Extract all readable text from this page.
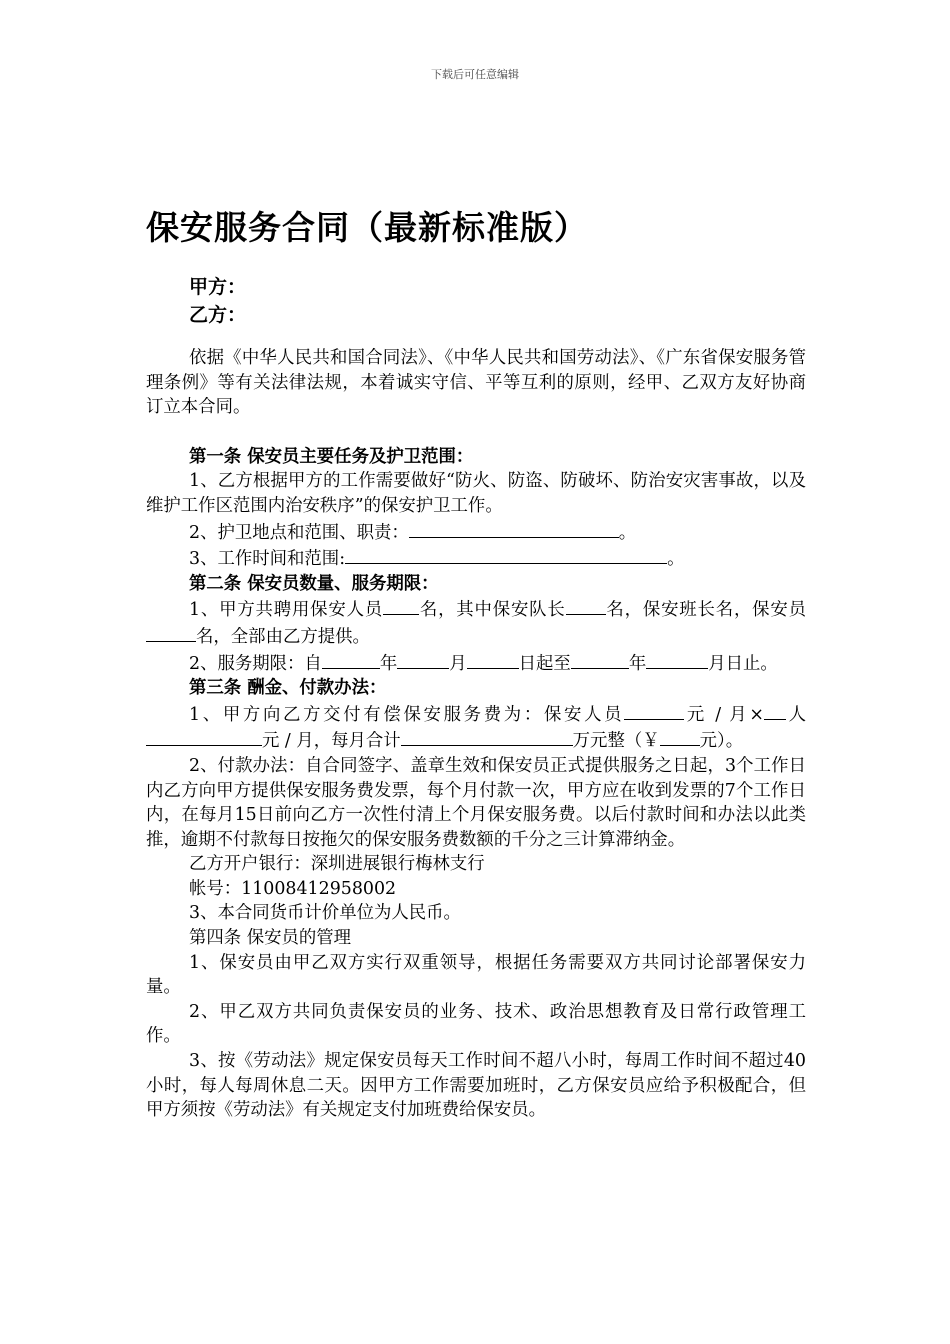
下载后可任意编辑
保安服务合同（最新标准版）
甲方：
乙方：

依据《中华人民共和国合同法》、《中华人民共和国劳动法》、《广东省保安服务管理条例》等有关法律法规，本着诚实守信、平等互利的原则，经甲、乙双方友好协商订立本合同。

第一条 保安员主要任务及护卫范围：

1、乙方根据甲方的工作需要做好“防火、防盗、防破坏、防治安灾害事故，以及维护工作区范围内治安秩序”的保安护卫工作。

2、护卫地点和范围、职责：	。

3、工作时间和范围:	。

第二条 保安员数量、服务期限：

1、甲方共聘用保安人员 名，其中保安队长 名，保安班长名，保安员名，全部由乙方提供。

2、服务期限：自	年	月	日起至	年	月日止。

第三条 酬金、付款办法：

1、甲方向乙方交付有偿保安服务费为：保安人员	元 / 月× 人元 / 月，每月合计	万元整（￥ 元）。

2、付款办法：自合同签字、盖章生效和保安员正式提供服务之日起，3个工作日内乙方向甲方提供保安服务费发票，每个月付款一次，甲方应在收到发票的7个工作日内，在每月15日前向乙方一次性付清上个月保安服务费。以后付款时间和办法以此类推，逾期不付款每日按拖欠的保安服务费数额的千分之三计算滞纳金。

乙方开户银行：深圳进展银行梅林支行

帐号：11008412958002

3、本合同货币计价单位为人民币。

第四条 保安员的管理

1、保安员由甲乙双方实行双重领导，根据任务需要双方共同讨论部署保安力量。

2、甲乙双方共同负责保安员的业务、技术、政治思想教育及日常行政管理工作。

3、按《劳动法》规定保安员每天工作时间不超八小时，每周工作时间不超过40小时，每人每周休息二天。因甲方工作需要加班时，乙方保安员应给予积极配合，但甲方须按《劳动法》有关规定支付加班费给保安员。
